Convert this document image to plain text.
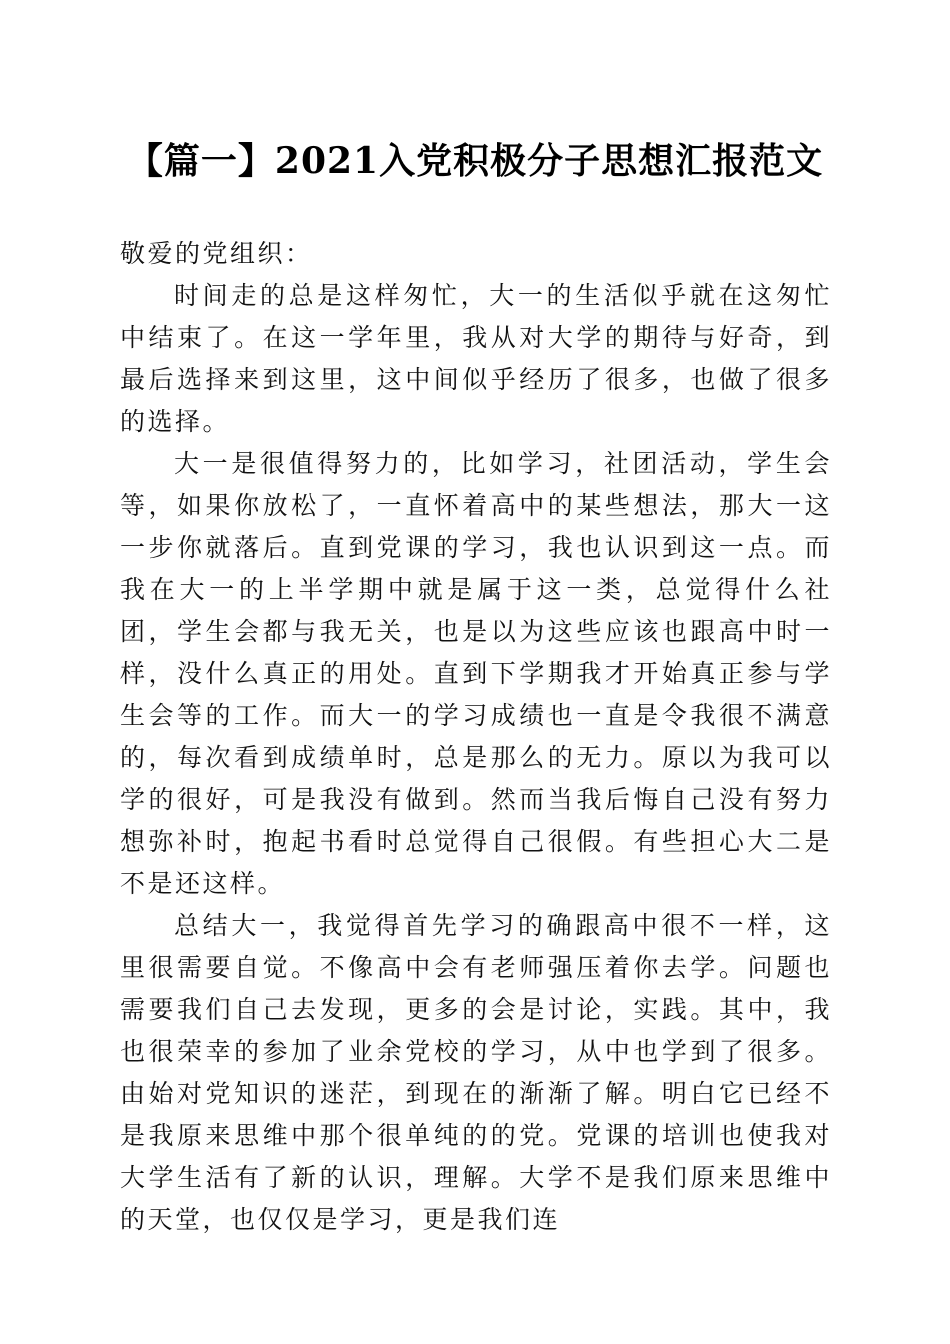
【篇一】2021入党积极分子思想汇报范文

敬爱的党组织：

时间走的总是这样匆忙，大一的生活似乎就在这匆忙中结束了。在这一学年里，我从对大学的期待与好奇，到最后选择来到这里，这中间似乎经历了很多，也做了很多的选择。

大一是很值得努力的，比如学习，社团活动，学生会等，如果你放松了，一直怀着高中的某些想法，那大一这一步你就落后。直到党课的学习，我也认识到这一点。而我在大一的上半学期中就是属于这一类，总觉得什么社团，学生会都与我无关，也是以为这些应该也跟高中时一样，没什么真正的用处。直到下学期我才开始真正参与学生会等的工作。而大一的学习成绩也一直是令我很不满意的，每次看到成绩单时，总是那么的无力。原以为我可以学的很好，可是我没有做到。然而当我后悔自己没有努力想弥补时，抱起书看时总觉得自己很假。有些担心大二是不是还这样。

总结大一，我觉得首先学习的确跟高中很不一样，这里很需要自觉。不像高中会有老师强压着你去学。问题也需要我们自己去发现，更多的会是讨论，实践。其中，我也很荣幸的参加了业余党校的学习，从中也学到了很多。由始对党知识的迷茫，到现在的渐渐了解。明白它已经不是我原来思维中那个很单纯的的党。党课的培训也使我对大学生活有了新的认识，理解。大学不是我们原来思维中的天堂，也仅仅是学习，更是我们连
